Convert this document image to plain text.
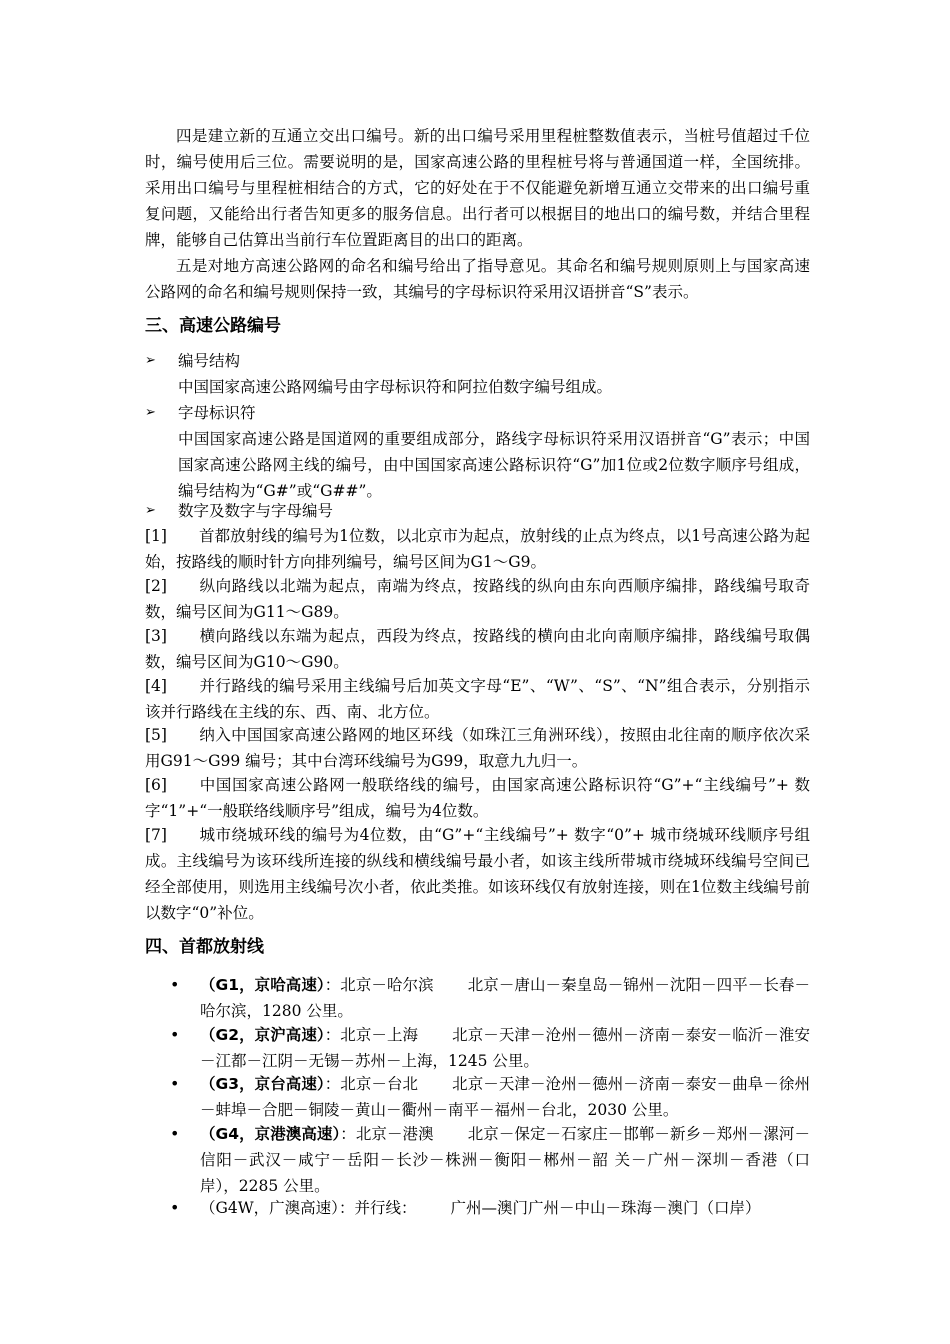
四是建立新的互通立交出口编号。新的出口编号采用里程桩整数值表示，当桩号值超过千位时，编号使用后三位。需要说明的是，国家高速公路的里程桩号将与普通国道一样，全国统排。采用出口编号与里程桩相结合的方式，它的好处在于不仅能避免新增互通立交带来的出口编号重复问题，又能给出行者告知更多的服务信息。出行者可以根据目的地出口的编号数，并结合里程牌，能够自己估算出当前行车位置距离目的出口的距离。

五是对地方高速公路网的命名和编号给出了指导意见。其命名和编号规则原则上与国家高速公路网的命名和编号规则保持一致，其编号的字母标识符采用汉语拼音“S”表示。

三、高速公路编号
➢ 编号结构
中国国家高速公路网编号由字母标识符和阿拉伯数字编号组成。
➢ 字母标识符
中国国家高速公路是国道网的重要组成部分，路线字母标识符采用汉语拼音“G”表示；中国国家高速公路网主线的编号，由中国国家高速公路标识符“G”加1位或2位数字顺序号组成，编号结构为“G#”或“G##”。
➢ 数字及数字与字母编号
[1] 首都放射线的编号为1位数，以北京市为起点，放射线的止点为终点，以1号高速公路为起始，按路线的顺时针方向排列编号，编号区间为G1～G9。
[2] 纵向路线以北端为起点，南端为终点，按路线的纵向由东向西顺序编排，路线编号取奇数，编号区间为G11～G89。
[3] 横向路线以东端为起点，西段为终点，按路线的横向由北向南顺序编排，路线编号取偶数，编号区间为G10～G90。
[4] 并行路线的编号采用主线编号后加英文字母“E”、“W”、“S”、“N”组合表示，分别指示该并行路线在主线的东、西、南、北方位。
[5] 纳入中国国家高速公路网的地区环线（如珠江三角洲环线），按照由北往南的顺序依次采用G91～G99 编号；其中台湾环线编号为G99，取意九九归一。
[6] 中国国家高速公路网一般联络线的编号，由国家高速公路标识符“G”+“主线编号”+ 数字“1”+“一般联络线顺序号”组成，编号为4位数。
[7] 城市绕城环线的编号为4位数，由“G”+“主线编号”+ 数字“0”+ 城市绕城环线顺序号组成。主线编号为该环线所连接的纵线和横线编号最小者，如该主线所带城市绕城环线编号空间已经全部使用，则选用主线编号次小者，依此类推。如该环线仅有放射连接，则在1位数主线编号前以数字“0”补位。
四、首都放射线
• （G1，京哈高速）：北京－哈尔滨 北京－唐山－秦皇岛－锦州－沈阳－四平－长春－哈尔滨，1280 公里。
• （G2，京沪高速）：北京－上海 北京－天津－沧州－德州－济南－泰安－临沂－淮安－江都－江阴－无锡－苏州－上海，1245 公里。
• （G3，京台高速）：北京－台北 北京－天津－沧州－德州－济南－泰安－曲阜－徐州－蚌埠－合肥－铜陵－黄山－衢州－南平－福州－台北，2030 公里。
• （G4，京港澳高速）：北京－港澳 北京－保定－石家庄－邯郸－新乡－郑州－漯河－信阳－武汉－咸宁－岳阳－长沙－株洲－衡阳－郴州－韶 关－广州－深圳－香港（口岸），2285 公里。
• （G4W，广澳高速）：并行线： 广州—澳门广州－中山－珠海－澳门（口岸）
